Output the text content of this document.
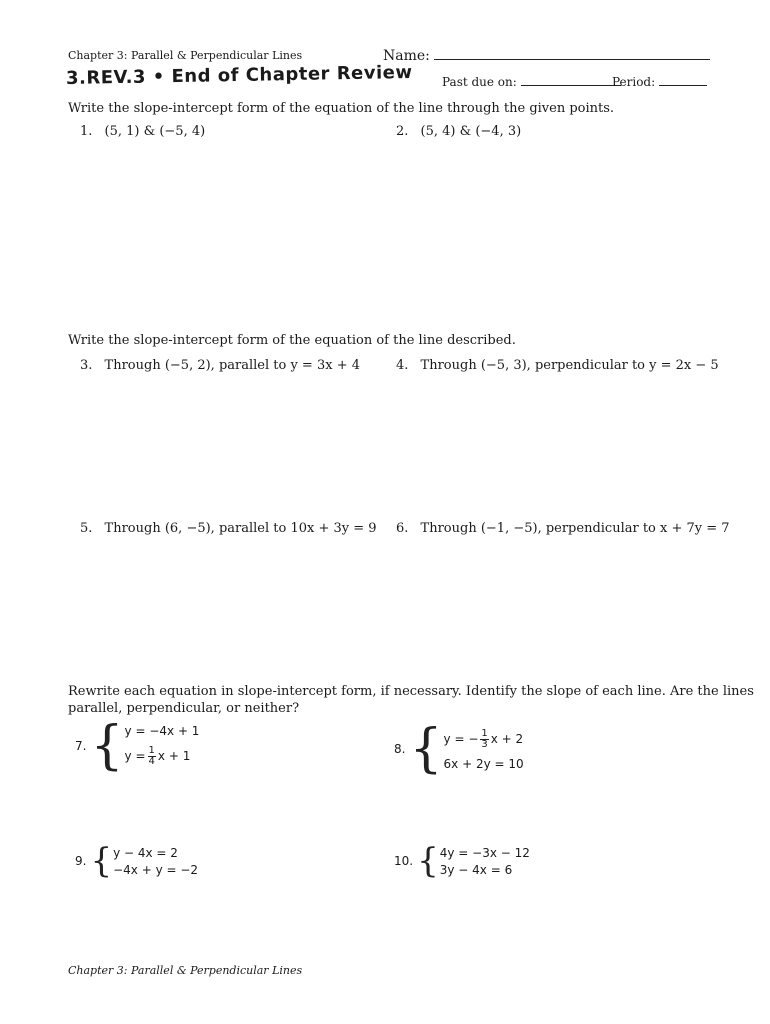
Chapter 3: Parallel & Perpendicular Lines	Name:
3.REV.3 • End of Chapter Review Past due on:	Period:
Write the slope-intercept form of the equation of the line through the given points.
1. (5, 1) & (−5, 4)	2. (5, 4) & (−4, 3)
Write the slope-intercept form of the equation of the line described.
3. Through (−5, 2), parallel to y = 3x + 4	4. Through (−5, 3), perpendicular to y = 2x − 5
5. Through (6, −5), parallel to 10x + 3y = 9 6. Through (−1, −5), perpendicular to x + 7y = 7
Rewrite each equation in slope-intercept form, if necessary. Identify the slope of each line. Are the lines
parallel, perpendicular, or neither?
7. { y = −4x + 1
$y = \frac{1}{4}$ x + 1	8. { y = − $\frac{1}{3}$ x + 2
6x + 2y = 10
9. { y − 4x = 2
−4x + y = −2
10. { 4y = −3x − 12
3y − 4x = 6
Chapter 3: Parallel & Perpendicular Lines
